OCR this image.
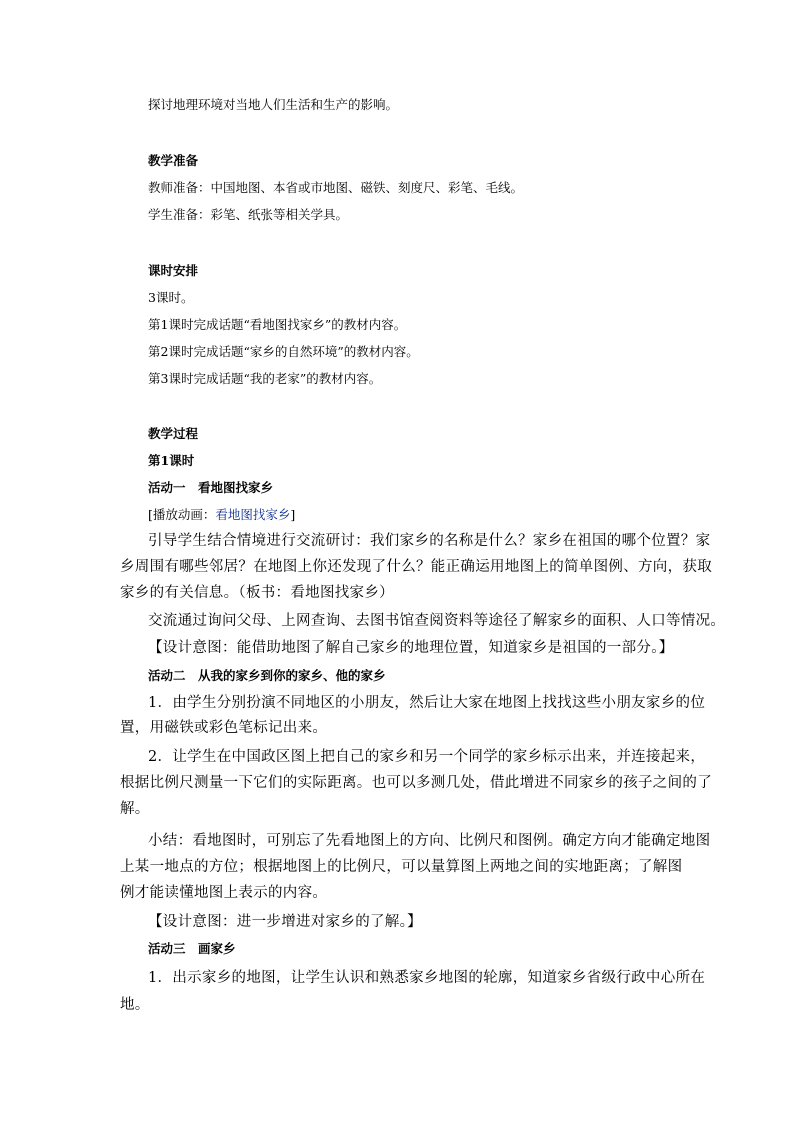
探讨地理环境对当地人们生活和生产的影响。
教学准备
教师准备：中国地图、本省或市地图、磁铁、刻度尺、彩笔、毛线。
学生准备：彩笔、纸张等相关学具。
课时安排
3课时。
第1课时完成话题“看地图找家乡”的教材内容。
第2课时完成话题“家乡的自然环境”的教材内容。
第3课时完成话题“我的老家”的教材内容。
教学过程
第1课时
活动一　看地图找家乡
[播放动画：看地图找家乡]
引导学生结合情境进行交流研讨：我们家乡的名称是什么？家乡在祖国的哪个位置？家
乡周围有哪些邻居？在地图上你还发现了什么？能正确运用地图上的简单图例、方向，获取
家乡的有关信息。（板书：看地图找家乡）
交流通过询问父母、上网查询、去图书馆查阅资料等途径了解家乡的面积、人口等情况。
【设计意图：能借助地图了解自己家乡的地理位置，知道家乡是祖国的一部分。】
活动二　从我的家乡到你的家乡、他的家乡
1．由学生分别扮演不同地区的小朋友，然后让大家在地图上找找这些小朋友家乡的位
置，用磁铁或彩色笔标记出来。
2．让学生在中国政区图上把自己的家乡和另一个同学的家乡标示出来，并连接起来，
根据比例尺测量一下它们的实际距离。也可以多测几处，借此增进不同家乡的孩子之间的了
解。
小结：看地图时，可别忘了先看地图上的方向、比例尺和图例。确定方向才能确定地图
上某一地点的方位；根据地图上的比例尺，可以量算图上两地之间的实地距离；了解图
例才能读懂地图上表示的内容。
【设计意图：进一步增进对家乡的了解。】
活动三　画家乡
1．出示家乡的地图，让学生认识和熟悉家乡地图的轮廓，知道家乡省级行政中心所在
地。
